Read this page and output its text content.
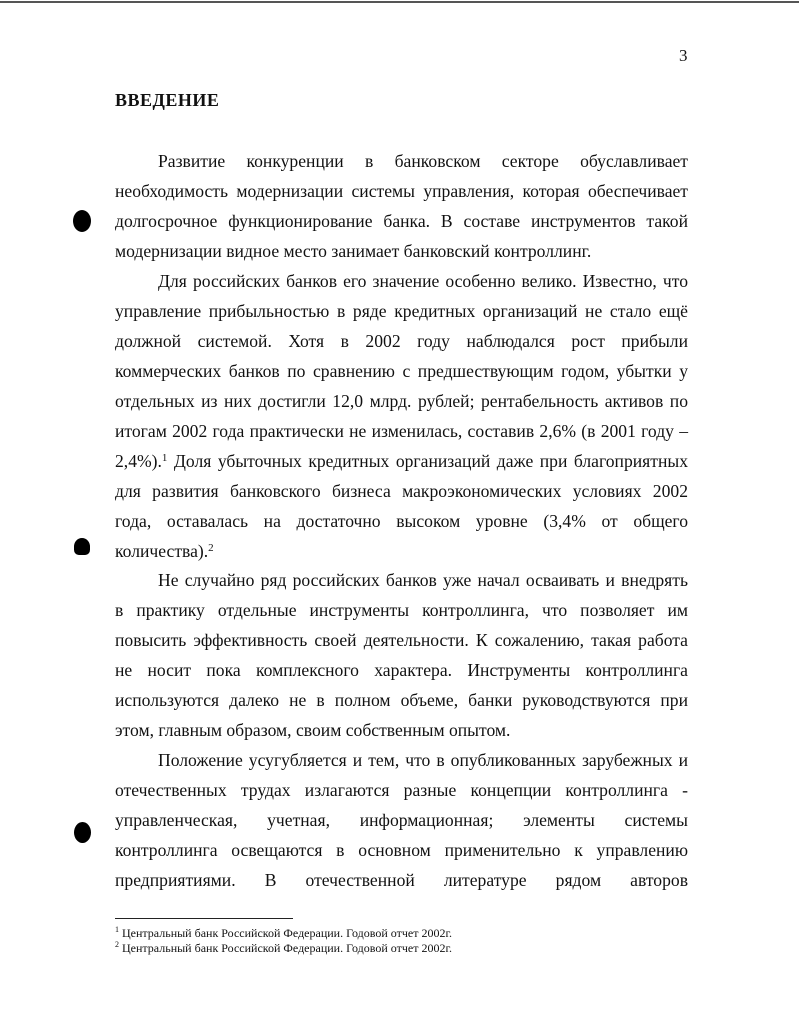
3
ВВЕДЕНИЕ
Развитие конкуренции в банковском секторе обуславливает
необходимость модернизации системы управления, которая обеспечивает
долгосрочное функционирование банка. В составе инструментов такой
модернизации видное место занимает банковский контроллинг.
Для российских банков его значение особенно велико. Известно, что
управление прибыльностью в ряде кредитных организаций не стало ещё
должной системой. Хотя в 2002 году наблюдался рост прибыли
коммерческих банков по сравнению с предшествующим годом, убытки у
отдельных из них достигли 12,0 млрд. рублей; рентабельность активов по
итогам 2002 года практически не изменилась, составив 2,6% (в 2001 году –
2,4%).$^1$ Доля убыточных кредитных организаций даже при благоприятных
для развития банковского бизнеса макроэкономических условиях 2002
года, оставалась на достаточно высоком уровне (3,4% от общего
количества).$^2$
Не случайно ряд российских банков уже начал осваивать и внедрять
в практику отдельные инструменты контроллинга, что позволяет им
повысить эффективность своей деятельности. К сожалению, такая работа
не носит пока комплексного характера. Инструменты контроллинга
используются далеко не в полном объеме, банки руководствуются при
этом, главным образом, своим собственным опытом.
Положение усугубляется и тем, что в опубликованных зарубежных и
отечественных трудах излагаются разные концепции контроллинга -
управленческая, учетная, информационная; элементы системы
контроллинга освещаются в основном применительно к управлению
предприятиями. В отечественной литературе рядом авторов
$^1$ Центральный банк Российской Федерации. Годовой отчет 2002г.
$^2$ Центральный банк Российской Федерации. Годовой отчет 2002г.
